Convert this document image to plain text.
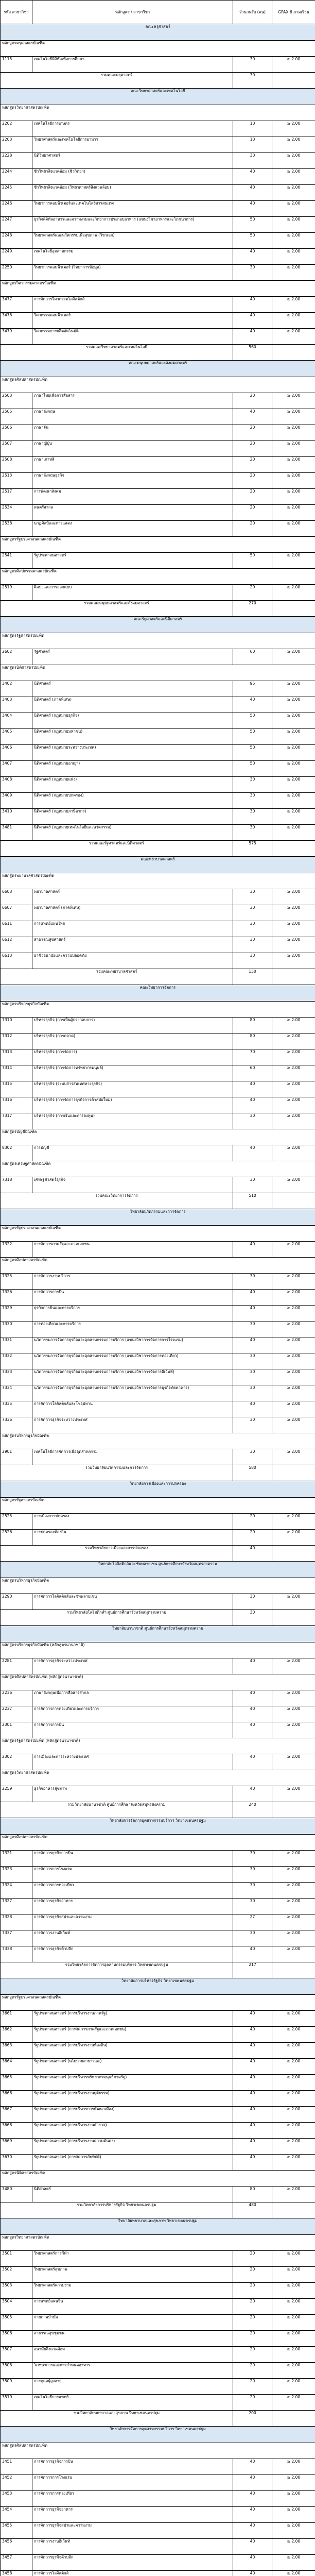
รหัส สาขาวิชา	หลักสูตร / สาขาวิชา	จำนวนรับ (คน)	GPAX 6 ภาคเรียน
คณะครุศาสตร์			
หลักสูตรครุศาสตรบัณฑิต			
1115	เทคโนโลยีดิจิทัลเพื่อการศึกษา	30	≥ 2.00
รวมคณะครุศาสตร์		30	
คณะวิทยาศาสตร์และเทคโนโลยี			
หลักสูตรวิทยาศาสตรบัณฑิต			
2202	เทคโนโลยีการเกษตร	10	≥ 2.00
2203	วิทยาศาสตร์และเทคโนโลยีการอาหาร	10	≥ 2.00
2228	นิติวิทยาศาสตร์	30	≥ 2.00
2244	ชีววิทยาสิ่งแวดล้อม (ชีววิทยา)	40	≥ 2.00
2245	ชีววิทยาสิ่งแวดล้อม (วิทยาศาสตร์สิ่งแวดล้อม)	40	≥ 2.00
2246	วิทยาการคอมพิวเตอร์และเทคโนโลยีสารสนเทศ	40	≥ 2.00
2247	ธุรกิจดิจิทัลอาหารและความงามและวิทยาการประกอบอาหาร (แขนงวิชาอาหารและโภชนาการ)	50	≥ 2.00
2248	วิทยาศาสตร์และนวัตกรรมเพื่อสุขภาพ (วิชาเอก)	50	≥ 2.00
2249	เทคโนโลยีอุตสาหกรรม	40	≥ 2.00
2250	วิทยาการคอมพิวเตอร์ (วิทยาการข้อมูล)	30	≥ 2.00
หลักสูตรวิศวกรรมศาสตรบัณฑิต			
3477	การจัดการวิศวกรรมโลจิสติกส์	40	≥ 2.00
3478	วิศวกรรมคอมพิวเตอร์	40	≥ 2.00
3479	วิศวกรรมการผลิตอัตโนมัติ	40	≥ 2.00
รวมคณะวิทยาศาสตร์และเทคโนโลยี		560	
คณะมนุษยศาสตร์และสังคมศาสตร์			
หลักสูตรศิลปศาสตรบัณฑิต			
2503	ภาษาไทยเพื่อการสื่อสาร	20	≥ 2.00
2505	ภาษาอังกฤษ	40	≥ 2.00
2506	ภาษาจีน	20	≥ 2.00
2507	ภาษาญี่ปุ่น	20	≥ 2.00
2508	ภาษาเกาหลี	20	≥ 2.00
2513	ภาษาอังกฤษธุรกิจ	20	≥ 2.00
2517	การพัฒนาสังคม	20	≥ 2.00
2534	ดนตรีสากล	20	≥ 2.00
2538	นาฏศิลป์และการแสดง	20	≥ 2.00
หลักสูตรรัฐประศาสนศาสตรบัณฑิต			
2541	รัฐประศาสนศาสตร์	50	≥ 2.00
หลักสูตรศิลปกรรมศาสตรบัณฑิต			
2519	ศิลปะและการออกแบบ	20	≥ 2.00
รวมคณะมนุษยศาสตร์และสังคมศาสตร์		270	
คณะรัฐศาสตร์และนิติศาสตร์			
หลักสูตรรัฐศาสตรบัณฑิต			
2602	รัฐศาสตร์	60	≥ 2.00
หลักสูตรนิติศาสตรบัณฑิต			
3402	นิติศาสตร์	95	≥ 2.00
3403	นิติศาสตร์ (ภาคพิเศษ)	40	≥ 2.00
3404	นิติศาสตร์ (กฎหมายธุรกิจ)	50	≥ 2.00
3405	นิติศาสตร์ (กฎหมายมหาชน)	50	≥ 2.00
3406	นิติศาสตร์ (กฎหมายระหว่างประเทศ)	50	≥ 2.00
3407	นิติศาสตร์ (กฎหมายอาญา)	50	≥ 2.00
3408	นิติศาสตร์ (กฎหมายแพ่ง)	30	≥ 2.00
3409	นิติศาสตร์ (กฎหมายปกครอง)	30	≥ 2.00
3410	นิติศาสตร์ (กฎหมายภาษีอากร)	30	≥ 2.00
3481	นิติศาสตร์ (กฎหมายเทคโนโลยีและนวัตกรรม)	30	≥ 2.00
รวมคณะรัฐศาสตร์และนิติศาสตร์		575	
คณะพยาบาลศาสตร์			
หลักสูตรพยาบาลศาสตรบัณฑิต			
6603	พยาบาลศาสตร์	30	≥ 2.00
6607	พยาบาลศาสตร์ (ภาคพิเศษ)	30	≥ 2.00
6611	การแพทย์แผนไทย	30	≥ 2.00
6612	สาธารณสุขศาสตร์	30	≥ 2.00
6613	อาชีวอนามัยและความปลอดภัย	30	≥ 2.00
รวมคณะพยาบาลศาสตร์		150	
คณะวิทยาการจัดการ			
หลักสูตรบริหารธุรกิจบัณฑิต			
7310	บริหารธุรกิจ (การเป็นผู้ประกอบการ)	80	≥ 2.00
7312	บริหารธุรกิจ (การตลาด)	80	≥ 2.00
7313	บริหารธุรกิจ (การจัดการ)	70	≥ 2.00
7314	บริหารธุรกิจ (การจัดการทรัพยากรมนุษย์)	60	≥ 2.00
7315	บริหารธุรกิจ (ระบบสารสนเทศทางธุรกิจ)	40	≥ 2.00
7316	บริหารธุรกิจ (การจัดการธุรกิจการค้าสมัยใหม่)	40	≥ 2.00
7317	บริหารธุรกิจ (การเงินและการลงทุน)	30	≥ 2.00
หลักสูตรบัญชีบัณฑิต			
8302	การบัญชี	40	≥ 2.00
หลักสูตรเศรษฐศาสตรบัณฑิต			
7318	เศรษฐศาสตร์ธุรกิจ	30	≥ 2.00
รวมคณะวิทยาการจัดการ		510	
วิทยาลัยนวัตกรรมและการจัดการ			
หลักสูตรรัฐประศาสนศาสตรบัณฑิต			
7322	การจัดการภาครัฐและภาคเอกชน	40	≥ 2.00
หลักสูตรศิลปศาสตรบัณฑิต			
7325	การจัดการงานบริการ	30	≥ 2.00
7326	การจัดการการบิน	40	≥ 2.00
7329	ธุรกิจการบินและการบริการ	40	≥ 2.00
7330	การท่องเที่ยวและการบริการ	30	≥ 2.00
7331	นวัตกรรมการจัดการธุรกิจและอุตสาหกรรมการบริการ (แขนงวิชาการจัดการการโรงแรม)	40	≥ 2.00
7332	นวัตกรรมการจัดการธุรกิจและอุตสาหกรรมการบริการ (แขนงวิชาการจัดการท่องเที่ยว)	30	≥ 2.00
7333	นวัตกรรมการจัดการธุรกิจและอุตสาหกรรมการบริการ (แขนงวิชาการจัดการอีเว้นท์)	30	≥ 2.00
7334	นวัตกรรมการจัดการธุรกิจและอุตสาหกรรมการบริการ (แขนงวิชาการจัดการธุรกิจภัตตาคาร)	30	≥ 2.00
7335	การจัดการโลจิสติกส์และโซ่อุปทาน	40	≥ 2.00
7336	การจัดการธุรกิจระหว่างประเทศ	30	≥ 2.00
หลักสูตรบริหารธุรกิจบัณฑิต			
2901	เทคโนโลยีการจัดการเพื่ออุตสาหกรรม	30	≥ 2.00
รวมวิทยาลัยนวัตกรรมและการจัดการ		580	
วิทยาลัยการเมืองและการปกครอง			
หลักสูตรรัฐศาสตรบัณฑิต			
2525	การเมืองการปกครอง	20	≥ 2.00
2526	การปกครองท้องถิ่น	20	≥ 2.00
รวมวิทยาลัยการเมืองและการปกครอง		40	
วิทยาลัยโลจิสติกส์และซัพพลายเชน ศูนย์การศึกษาจังหวัดสมุทรสงคราม			
หลักสูตรบริหารธุรกิจบัณฑิต			
2290	การจัดการโลจิสติกส์และซัพพลายเชน	30	≥ 2.00
รวมวิทยาลัยโลจิสติกส์ฯ ศูนย์การศึกษาจังหวัดสมุทรสงคราม		30	
วิทยาลัยนานาชาติ ศูนย์การศึกษาจังหวัดสมุทรสงคราม			
หลักสูตรบริหารธุรกิจบัณฑิต (หลักสูตรนานาชาติ)			
2281	การจัดการธุรกิจระหว่างประเทศ	40	≥ 2.00
หลักสูตรศิลปศาสตรบัณฑิต (หลักสูตรนานาชาติ)			
2236	ภาษาอังกฤษเพื่อการสื่อสารสากล	40	≥ 2.00
2237	การจัดการการท่องเที่ยวและการบริการ	40	≥ 2.00
2301	การจัดการการบิน	40	≥ 2.00
หลักสูตรรัฐศาสตรบัณฑิต (หลักสูตรนานาชาติ)			
2302	การเมืองและการระหว่างประเทศ	40	≥ 2.00
หลักสูตรวิทยาศาสตรบัณฑิต			
2259	ธุรกิจอาหารสุขภาพ	40	≥ 2.00
รวมวิทยาลัยนานาชาติ ศูนย์การศึกษาจังหวัดสมุทรสงคราม		240	
วิทยาลัยการจัดการอุตสาหกรรมบริการ วิทยาเขตนครปฐม			
หลักสูตรศิลปศาสตรบัณฑิต			
7321	การจัดการธุรกิจการบิน	30	≥ 2.00
7323	การจัดการการโรงแรม	30	≥ 2.00
7324	การจัดการการท่องเที่ยว	30	≥ 2.00
7327	การจัดการธุรกิจอาหาร	30	≥ 2.00
7328	การจัดการธุรกิจสปาและความงาม	27	≥ 2.00
7337	การจัดการงานอีเว้นท์	30	≥ 2.00
7338	การจัดการธุรกิจค้าปลีก	40	≥ 2.00
รวมวิทยาลัยการจัดการอุตสาหกรรมบริการ วิทยาเขตนครปฐม		217	
วิทยาลัยการบริหารรัฐกิจ วิทยาเขตนครปฐม			
หลักสูตรรัฐประศาสนศาสตรบัณฑิต			
3661	รัฐประศาสนศาสตร์ (การบริหารงานภาครัฐ)	40	≥ 2.00
3662	รัฐประศาสนศาสตร์ (การจัดการภาครัฐและภาคเอกชน)	40	≥ 2.00
3663	รัฐประศาสนศาสตร์ (การบริหารงานท้องถิ่น)	40	≥ 2.00
3664	รัฐประศาสนศาสตร์ (นโยบายสาธารณะ)	40	≥ 2.00
3665	รัฐประศาสนศาสตร์ (การบริหารทรัพยากรมนุษย์ภาครัฐ)	40	≥ 2.00
3666	รัฐประศาสนศาสตร์ (การบริหารงานยุติธรรม)	40	≥ 2.00
3667	รัฐประศาสนศาสตร์ (การบริหารการพัฒนาเมือง)	40	≥ 2.00
3668	รัฐประศาสนศาสตร์ (การบริหารงานตำรวจ)	40	≥ 2.00
3669	รัฐประศาสนศาสตร์ (การบริหารงานความมั่นคง)	40	≥ 2.00
3670	รัฐประศาสนศาสตร์ (การจัดการภัยพิบัติ)	40	≥ 2.00
หลักสูตรนิติศาสตรบัณฑิต			
3480	นิติศาสตร์	80	≥ 2.00
รวมวิทยาลัยการบริหารรัฐกิจ วิทยาเขตนครปฐม		480	
วิทยาลัยพยาบาลและสุขภาพ วิทยาเขตนครปฐม			
หลักสูตรวิทยาศาสตรบัณฑิต			
3501	วิทยาศาสตร์การกีฬา	20	≥ 2.00
3502	วิทยาศาสตร์สุขภาพ	20	≥ 2.00
3503	วิทยาศาสตร์ความงาม	20	≥ 2.00
3504	การแพทย์แผนจีน	20	≥ 2.00
3505	กายภาพบำบัด	20	≥ 2.00
3506	สาธารณสุขชุมชน	20	≥ 2.00
3507	อนามัยสิ่งแวดล้อม	20	≥ 2.00
3508	โภชนาการและการกำหนดอาหาร	20	≥ 2.00
3509	การดูแลผู้สูงอายุ	20	≥ 2.00
3510	เทคโนโลยีการแพทย์	20	≥ 2.00
รวมวิทยาลัยพยาบาลและสุขภาพ วิทยาเขตนครปฐม		200	
วิทยาลัยการจัดการอุตสาหกรรมบริการ วิทยาเขตนครปฐม			
หลักสูตรศิลปศาสตรบัณฑิต			
3451	การจัดการธุรกิจการบิน	40	≥ 2.00
3452	การจัดการการโรงแรม	40	≥ 2.00
3453	การจัดการการท่องเที่ยว	40	≥ 2.00
3454	การจัดการธุรกิจอาหาร	40	≥ 2.00
3455	การจัดการธุรกิจสปาและความงาม	40	≥ 2.00
3456	การจัดการงานอีเว้นท์	40	≥ 2.00
3457	การจัดการธุรกิจค้าปลีก	40	≥ 2.00
3458	การจัดการโลจิสติกส์	40	≥ 2.00
